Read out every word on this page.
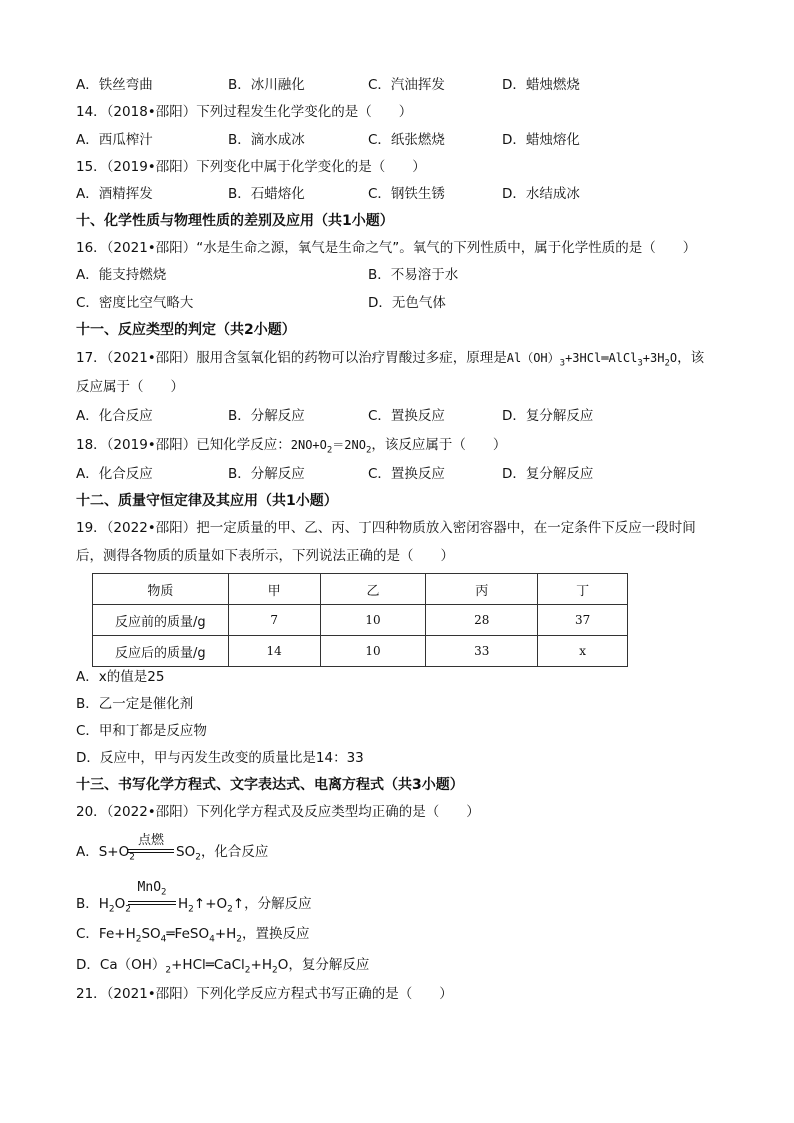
A．铁丝弯曲	B．冰川融化	C．汽油挥发	D．蜡烛燃烧
14．（2018•邵阳）下列过程发生化学变化的是（　　）
A．西瓜榨汁	B．滴水成冰	C．纸张燃烧	D．蜡烛熔化
15．（2019•邵阳）下列变化中属于化学变化的是（　　）
A．酒精挥发	B．石蜡熔化	C．钢铁生锈	D．水结成冰
十、化学性质与物理性质的差别及应用（共1小题）
16．（2021•邵阳）“水是生命之源，氧气是生命之气”。氧气的下列性质中，属于化学性质的是（　　）
A．能支持燃烧	B．不易溶于水
C．密度比空气略大	D．无色气体
十一、反应类型的判定（共2小题）
17．（2021•邵阳）服用含氢氧化铝的药物可以治疗胃酸过多症，原理是$Al(OH)_3+3HCl═AlCl_3+3H_2O$，该
反应属于（　　）
A．化合反应	B．分解反应	C．置换反应	D．复分解反应
18．（2019•邵阳）已知化学反应：$2NO+O_2=2NO_2$，该反应属于（　　）
A．化合反应	B．分解反应	C．置换反应	D．复分解反应
十二、质量守恒定律及其应用（共1小题）
19．（2022•邵阳）把一定质量的甲、乙、丙、丁四种物质放入密闭容器中，在一定条件下反应一段时间
后，测得各物质的质量如下表所示，下列说法正确的是（　　）
物质	甲	乙	丙	丁
反应前的质量/g	7	10	28	37
反应后的质量/g	14	10	33	x
A．x的值是25
B．乙一定是催化剂
C．甲和丁都是反应物
D．反应中，甲与丙发生改变的质量比是14：33
十三、书写化学方程式、文字表达式、电离方程式（共3小题）
20．（2022•邵阳）下列化学方程式及反应类型均正确的是（　　）
A．$S+O_2$
点燃
$SO_2$，化合反应
B．$H_2O_2$
MnO$_2$
$H_2↑+O_2↑$，分解反应
C．$Fe+H_2SO_4═FeSO_4+H_2$，置换反应
D．$Ca(OH)_2+HCl═CaCl_2+H_2O$，复分解反应
21．（2021•邵阳）下列化学反应方程式书写正确的是（　　）
